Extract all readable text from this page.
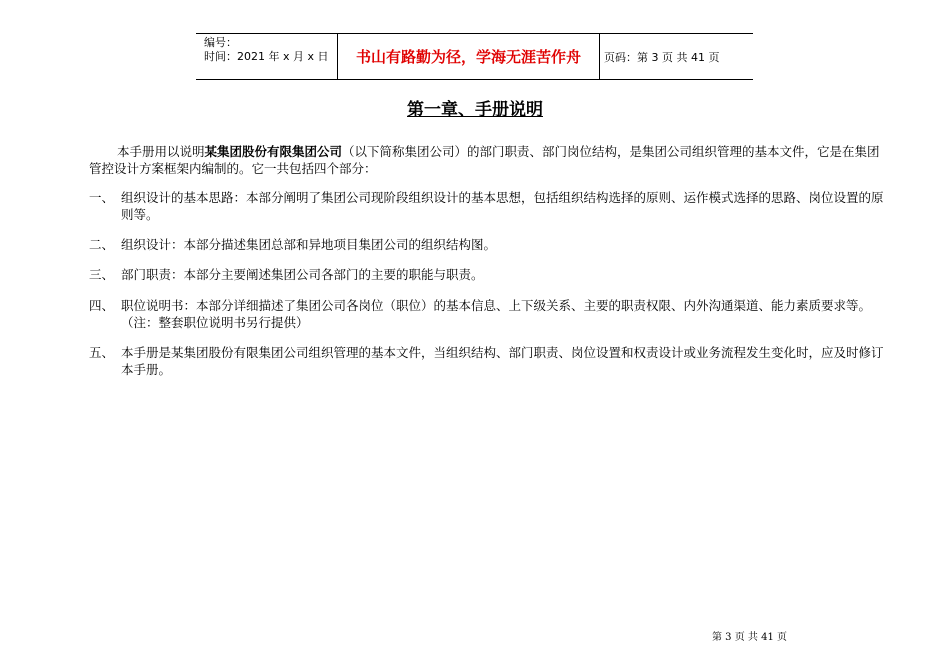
编号：
时间：2021 年 x 月 x 日	书山有路勤为径，学海无涯苦作舟	页码：第 3 页 共 41 页
第一章、手册说明
本手册用以说明某集团股份有限集团公司（以下简称集团公司）的部门职责、部门岗位结构，是集团公司组织管理的基本文件，它是在集团管控设计方案框架内编制的。它一共包括四个部分：
一、 组织设计的基本思路：本部分阐明了集团公司现阶段组织设计的基本思想，包括组织结构选择的原则、运作模式选择的思路、岗位设置的原则等。
二、 组织设计：本部分描述集团总部和异地项目集团公司的组织结构图。
三、 部门职责：本部分主要阐述集团公司各部门的主要的职能与职责。
四、 职位说明书：本部分详细描述了集团公司各岗位（职位）的基本信息、上下级关系、主要的职责权限、内外沟通渠道、能力素质要求等。（注：整套职位说明书另行提供）
五、 本手册是某集团股份有限集团公司组织管理的基本文件，当组织结构、部门职责、岗位设置和权责设计或业务流程发生变化时，应及时修订本手册。
第 3 页 共 41 页
